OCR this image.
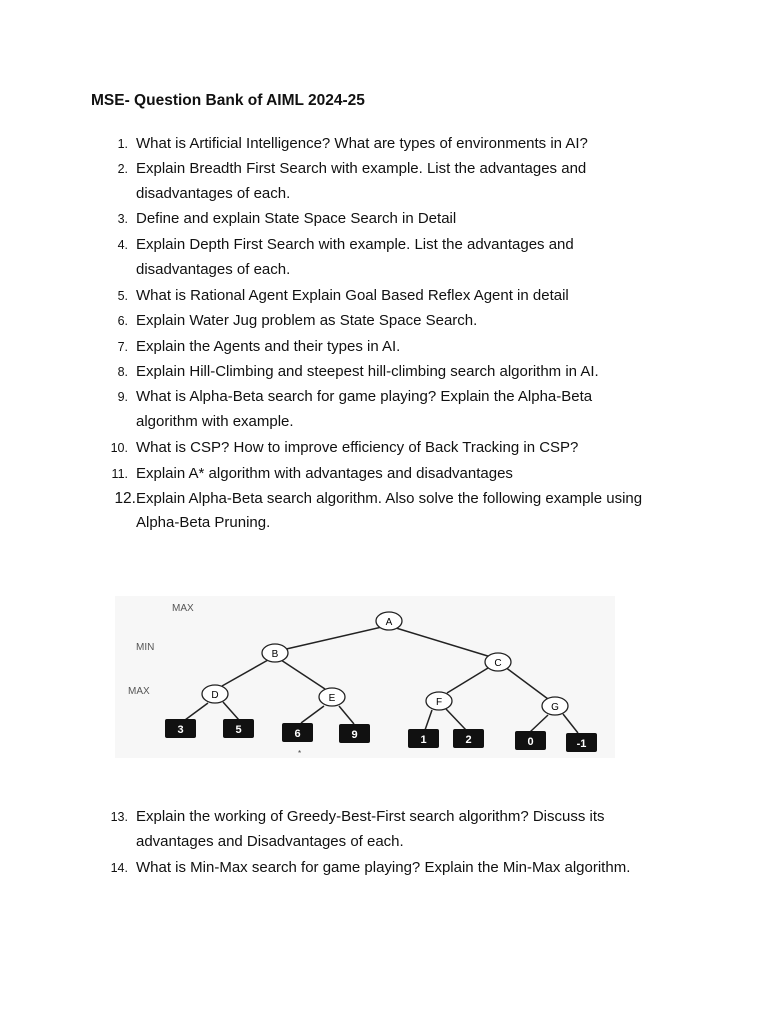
MSE- Question Bank of AIML 2024-25
1. What is Artificial Intelligence? What are types of environments in AI?
2. Explain Breadth First Search with example. List the advantages and
disadvantages of each.
3. Define and explain State Space Search in Detail
4. Explain Depth First Search with example. List the advantages and
disadvantages of each.
5. What is Rational Agent Explain Goal Based Reflex Agent in detail
6. Explain Water Jug problem as State Space Search.
7. Explain the Agents and their types in AI.
8. Explain Hill-Climbing and steepest hill-climbing search algorithm in AI.
9. What is Alpha-Beta search for game playing? Explain the Alpha-Beta
algorithm with example.
10. What is CSP? How to improve efficiency of Back Tracking in CSP?
11. Explain A* algorithm with advantages and disadvantages
12. Explain Alpha-Beta search algorithm. Also solve the following example using
Alpha-Beta Pruning.
13. Explain the working of Greedy-Best-First search algorithm? Discuss its
advantages and Disadvantages of each.
14. What is Min-Max search for game playing? Explain the Min-Max algorithm.
MAX
MIN
MAX
A
B
C
D	E	F	G
3	5	6	9	1	2	0	-1
*
